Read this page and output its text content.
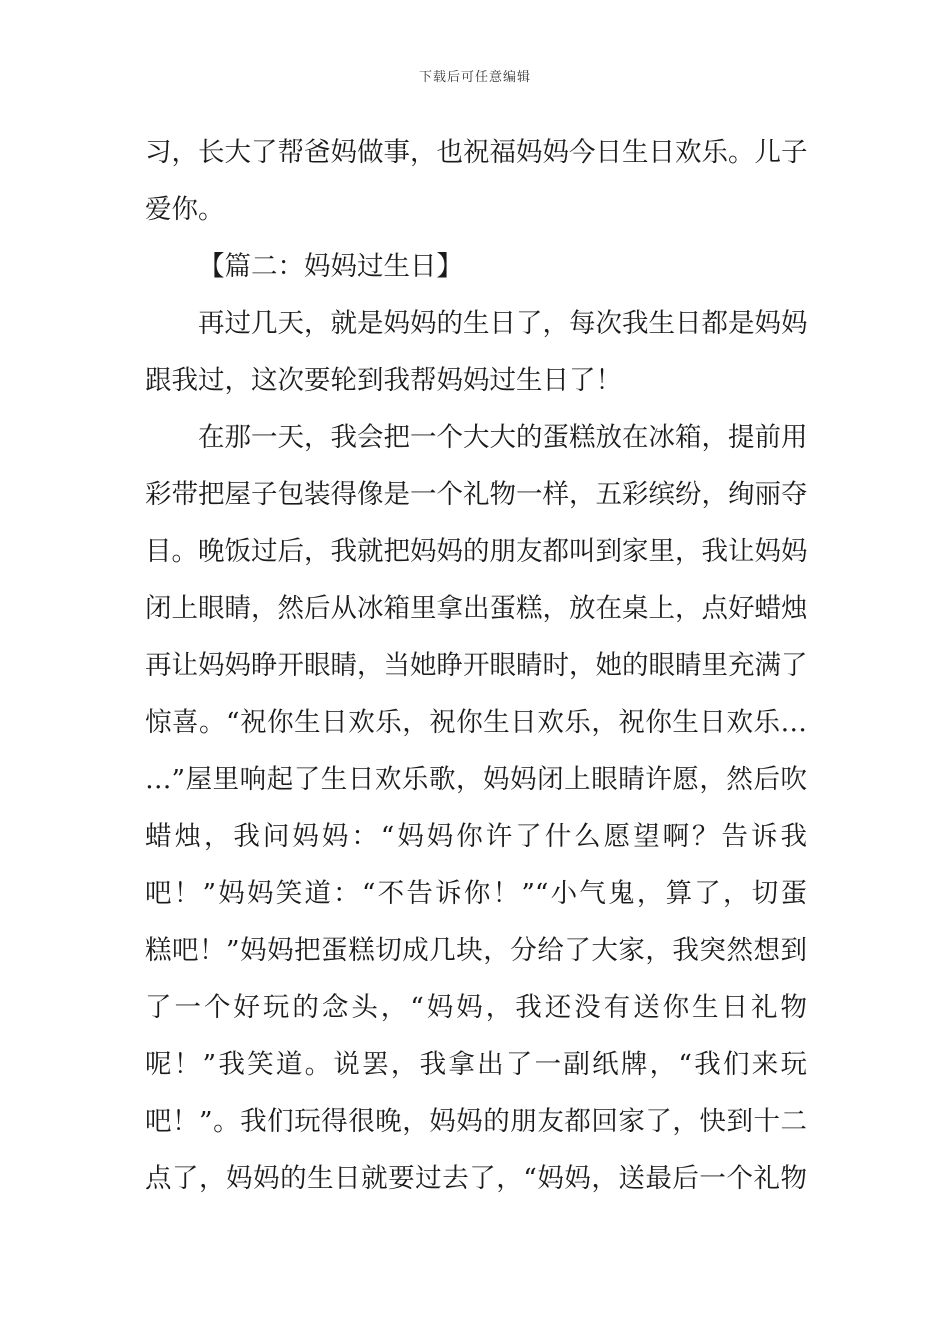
下载后可任意编辑
习，长大了帮爸妈做事，也祝福妈妈今日生日欢乐。儿子
爱你。
【篇二：妈妈过生日】
再过几天，就是妈妈的生日了，每次我生日都是妈妈
跟我过，这次要轮到我帮妈妈过生日了！
在那一天，我会把一个大大的蛋糕放在冰箱，提前用
彩带把屋子包装得像是一个礼物一样，五彩缤纷，绚丽夺
目。晚饭过后，我就把妈妈的朋友都叫到家里，我让妈妈
闭上眼睛，然后从冰箱里拿出蛋糕，放在桌上，点好蜡烛
再让妈妈睁开眼睛，当她睁开眼睛时，她的眼睛里充满了
惊喜。“祝你生日欢乐，祝你生日欢乐，祝你生日欢乐…
…”屋里响起了生日欢乐歌，妈妈闭上眼睛许愿，然后吹
蜡烛，我问妈妈：“妈妈你许了什么愿望啊？告诉我
吧！”妈妈笑道：“不告诉你！”“小气鬼，算了，切蛋
糕吧！”妈妈把蛋糕切成几块，分给了大家，我突然想到
了一个好玩的念头，“妈妈，我还没有送你生日礼物
呢！”我笑道。说罢，我拿出了一副纸牌，“我们来玩
吧！”。我们玩得很晚，妈妈的朋友都回家了，快到十二
点了，妈妈的生日就要过去了，“妈妈，送最后一个礼物
